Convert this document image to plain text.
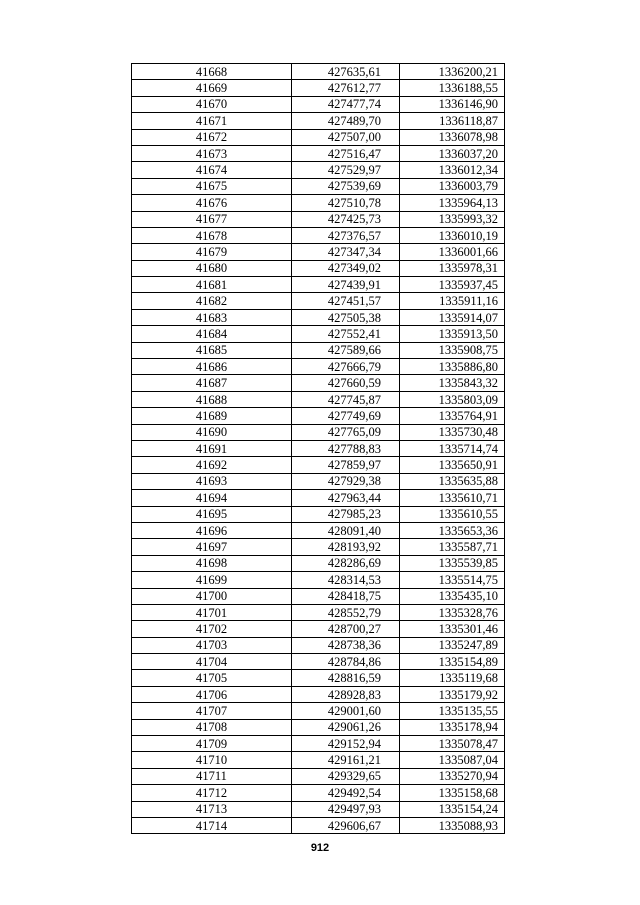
41668	427635,61	1336200,21
41669	427612,77	1336188,55
41670	427477,74	1336146,90
41671	427489,70	1336118,87
41672	427507,00	1336078,98
41673	427516,47	1336037,20
41674	427529,97	1336012,34
41675	427539,69	1336003,79
41676	427510,78	1335964,13
41677	427425,73	1335993,32
41678	427376,57	1336010,19
41679	427347,34	1336001,66
41680	427349,02	1335978,31
41681	427439,91	1335937,45
41682	427451,57	1335911,16
41683	427505,38	1335914,07
41684	427552,41	1335913,50
41685	427589,66	1335908,75
41686	427666,79	1335886,80
41687	427660,59	1335843,32
41688	427745,87	1335803,09
41689	427749,69	1335764,91
41690	427765,09	1335730,48
41691	427788,83	1335714,74
41692	427859,97	1335650,91
41693	427929,38	1335635,88
41694	427963,44	1335610,71
41695	427985,23	1335610,55
41696	428091,40	1335653,36
41697	428193,92	1335587,71
41698	428286,69	1335539,85
41699	428314,53	1335514,75
41700	428418,75	1335435,10
41701	428552,79	1335328,76
41702	428700,27	1335301,46
41703	428738,36	1335247,89
41704	428784,86	1335154,89
41705	428816,59	1335119,68
41706	428928,83	1335179,92
41707	429001,60	1335135,55
41708	429061,26	1335178,94
41709	429152,94	1335078,47
41710	429161,21	1335087,04
41711	429329,65	1335270,94
41712	429492,54	1335158,68
41713	429497,93	1335154,24
41714	429606,67	1335088,93
912
